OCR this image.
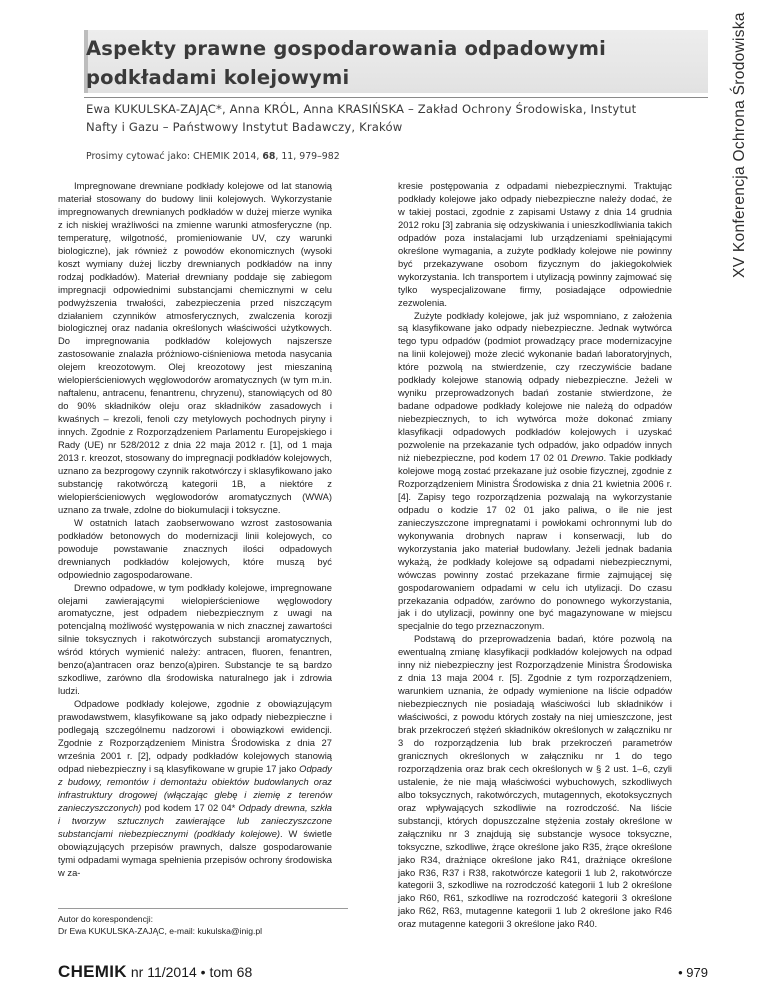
Aspekty prawne gospodarowania odpadowymi
podkładami kolejowymi

Ewa KUKULSKA-ZAJĄC*, Anna KRÓL, Anna KRASIŃSKA – Zakład Ochrony Środowiska, Instytut
Nafty i Gazu – Państwowy Instytut Badawczy, Kraków

Prosimy cytować jako: CHEMIK 2014, 68, 11, 979–982	XV Konferencja Ochrona Środowiska

Impregnowane drewniane podkłady kolejowe od lat stanowią materiał stosowany do budowy linii kolejowych. Wykorzystanie impregnowanych drewnianych podkładów w dużej mierze wynika z ich niskiej wrażliwości na zmienne warunki atmosferyczne (np. temperaturę, wilgotność, promieniowanie UV, czy warunki biologiczne), jak również z powodów ekonomicznych (wysoki koszt wymiany dużej liczby drewnianych podkładów na inny rodzaj podkładów). Materiał drewniany poddaje się zabiegom impregnacji odpowiednimi substancjami chemicznymi w celu podwyższenia trwałości, zabezpieczenia przed niszczącym działaniem czynników atmosferycznych, zwalczenia korozji biologicznej oraz nadania określonych właściwości użytkowych. Do impregnowania podkładów kolejowych najszersze zastosowanie znalazła próżniowo-ciśnieniowa metoda nasycania olejem kreozotowym. Olej kreozotowy jest mieszaniną wielopierścieniowych węglowodorów aromatycznych (w tym m.in. naftalenu, antracenu, fenantrenu, chryzenu), stanowiących od 80 do 90% składników oleju oraz składników zasadowych i kwaśnych – krezoli, fenoli czy metylowych pochodnych piryny i innych. Zgodnie z Rozporządzeniem Parlamentu Europejskiego i Rady (UE) nr 528/2012 z dnia 22 maja 2012 r. [1], od 1 maja 2013 r. kreozot, stosowany do impregnacji podkładów kolejowych, uznano za bezprogowy czynnik rakotwórczy i sklasyfikowano jako substancję rakotwórczą kategorii 1B, a niektóre z wielopierścieniowych węglowodorów aromatycznych (WWA) uznano za trwałe, zdolne do biokumulacji i toksyczne.

W ostatnich latach zaobserwowano wzrost zastosowania podkładów betonowych do modernizacji linii kolejowych, co powoduje powstawanie znacznych ilości odpadowych drewnianych podkładów kolejowych, które muszą być odpowiednio zagospodarowane.

Drewno odpadowe, w tym podkłady kolejowe, impregnowane olejami zawierającymi wielopierścieniowe węglowodory aromatyczne, jest odpadem niebezpiecznym z uwagi na potencjalną możliwość występowania w nich znacznej zawartości silnie toksycznych i rakotwórczych substancji aromatycznych, wśród których wymienić należy: antracen, fluoren, fenantren, benzo(a)antracen oraz benzo(a)piren. Substancje te są bardzo szkodliwe, zarówno dla środowiska naturalnego jak i zdrowia ludzi.

Odpadowe podkłady kolejowe, zgodnie z obowiązującym prawodawstwem, klasyfikowane są jako odpady niebezpieczne i podlegają szczególnemu nadzorowi i obowiązkowi ewidencji. Zgodnie z Rozporządzeniem Ministra Środowiska z dnia 27 września 2001 r. [2], odpady podkładów kolejowych stanowią odpad niebezpieczny i są klasyfikowane w grupie 17 jako Odpady z budowy, remontów i demontażu obiektów budowlanych oraz infrastruktury drogowej (włączając glebę i ziemię z terenów zanieczyszczonych) pod kodem 17 02 04* Odpady drewna, szkła i tworzyw sztucznych zawierające lub zanieczyszczone substancjami niebezpiecznymi (podkłady kolejowe). W świetle obowiązujących przepisów prawnych, dalsze gospodarowanie tymi odpadami wymaga spełnienia przepisów ochrony środowiska w za-

kresie postępowania z odpadami niebezpiecznymi. Traktując podkłady kolejowe jako odpady niebezpieczne należy dodać, że w takiej postaci, zgodnie z zapisami Ustawy z dnia 14 grudnia 2012 roku [3] zabrania się odzyskiwania i unieszkodliwiania takich odpadów poza instalacjami lub urządzeniami spełniającymi określone wymagania, a zużyte podkłady kolejowe nie powinny być przekazywane osobom fizycznym do jakiegokolwiek wykorzystania. Ich transportem i utylizacją powinny zajmować się tylko wyspecjalizowane firmy, posiadające odpowiednie zezwolenia.

Zużyte podkłady kolejowe, jak już wspomniano, z założenia są klasyfikowane jako odpady niebezpieczne. Jednak wytwórca tego typu odpadów (podmiot prowadzący prace modernizacyjne na linii kolejowej) może zlecić wykonanie badań laboratoryjnych, które pozwolą na stwierdzenie, czy rzeczywiście badane podkłady kolejowe stanowią odpady niebezpieczne. Jeżeli w wyniku przeprowadzonych badań zostanie stwierdzone, że badane odpadowe podkłady kolejowe nie należą do odpadów niebezpiecznych, to ich wytwórca może dokonać zmiany klasyfikacji odpadowych podkładów kolejowych i uzyskać pozwolenie na przekazanie tych odpadów, jako odpadów innych niż niebezpieczne, pod kodem 17 02 01 Drewno. Takie podkłady kolejowe mogą zostać przekazane już osobie fizycznej, zgodnie z Rozporządzeniem Ministra Środowiska z dnia 21 kwietnia 2006 r. [4]. Zapisy tego rozporządzenia pozwalają na wykorzystanie odpadu o kodzie 17 02 01 jako paliwa, o ile nie jest zanieczyszczone impregnatami i powłokami ochronnymi lub do wykonywania drobnych napraw i konserwacji, lub do wykorzystania jako materiał budowlany. Jeżeli jednak badania wykażą, że podkłady kolejowe są odpadami niebezpiecznymi, wówczas powinny zostać przekazane firmie zajmującej się gospodarowaniem odpadami w celu ich utylizacji. Do czasu przekazania odpadów, zarówno do ponownego wykorzystania, jak i do utylizacji, powinny one być magazynowane w miejscu specjalnie do tego przeznaczonym.

Podstawą do przeprowadzenia badań, które pozwolą na ewentualną zmianę klasyfikacji podkładów kolejowych na odpad inny niż niebezpieczny jest Rozporządzenie Ministra Środowiska z dnia 13 maja 2004 r. [5]. Zgodnie z tym rozporządzeniem, warunkiem uznania, że odpady wymienione na liście odpadów niebezpiecznych nie posiadają właściwości lub składników i właściwości, z powodu których zostały na niej umieszczone, jest brak przekroczeń stężeń składników określonych w załączniku nr 3 do rozporządzenia lub brak przekroczeń parametrów granicznych określonych w załączniku nr 1 do tego rozporządzenia oraz brak cech określonych w § 2 ust. 1–6, czyli ustalenie, że nie mają właściwości wybuchowych, szkodliwych albo toksycznych, rakotwórczych, mutagennych, ekotoksycznych oraz wpływających szkodliwie na rozrodczość. Na liście substancji, których dopuszczalne stężenia zostały określone w załączniku nr 3 znajdują się substancje wysoce toksyczne, toksyczne, szkodliwe, żrące określone jako R35, żrące określone jako R34, drażniące określone jako R41, drażniące określone jako R36, R37 i R38, rakotwórcze kategorii 1 lub 2, rakotwórcze kategorii 3, szkodliwe na rozrodczość kategorii 1 lub 2 określone jako R60, R61, szkodliwe na rozrodczość kategorii 3 określone jako R62, R63, mutagenne kategorii 1 lub 2 określone jako R46 oraz mutagenne kategorii 3 określone jako R40.

Autor do korespondencji:
Dr Ewa KUKULSKA-ZAJĄC, e-mail: kukulska@inig.pl
CHEMIK nr 11/2014 • tom 68	• 979
